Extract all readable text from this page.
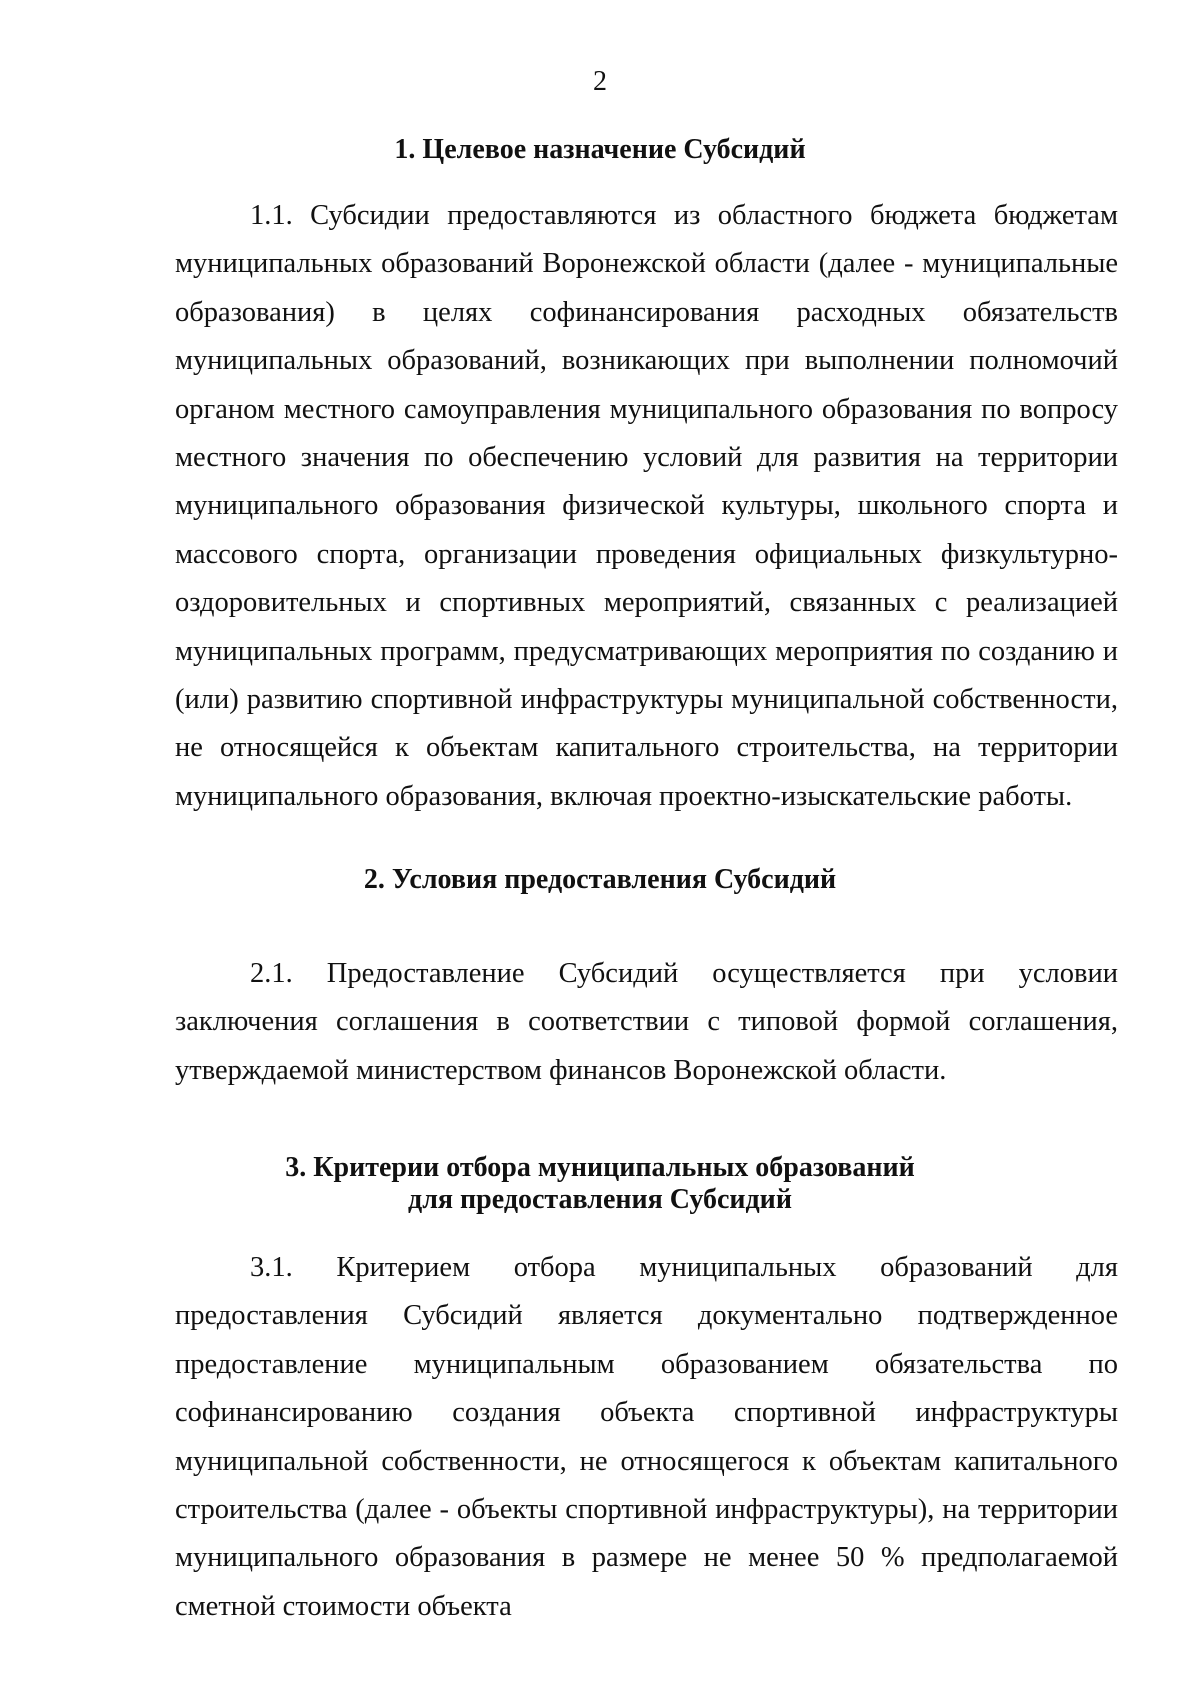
2
1. Целевое назначение Субсидий

1.1. Субсидии предоставляются из областного бюджета бюджетам муниципальных образований Воронежской области (далее - муниципальные образования) в целях софинансирования расходных обязательств муниципальных образований, возникающих при выполнении полномочий органом местного самоуправления муниципального образования по вопросу местного значения по обеспечению условий для развития на территории муниципального образования физической культуры, школьного спорта и массового спорта, организации проведения официальных физкультурно-оздоровительных и спортивных мероприятий, связанных с реализацией муниципальных программ, предусматривающих мероприятия по созданию и (или) развитию спортивной инфраструктуры муниципальной собственности, не относящейся к объектам капитального строительства, на территории муниципального образования, включая проектно-изыскательские работы.

2. Условия предоставления Субсидий

2.1. Предоставление Субсидий осуществляется при условии заключения соглашения в соответствии с типовой формой соглашения, утверждаемой министерством финансов Воронежской области.

3. Критерии отбора муниципальных образований
для предоставления Субсидий

3.1. Критерием отбора муниципальных образований для предоставления Субсидий является документально подтвержденное предоставление муниципальным образованием обязательства по софинансированию создания объекта спортивной инфраструктуры муниципальной собственности, не относящегося к объектам капитального строительства (далее - объекты спортивной инфраструктуры), на территории муниципального образования в размере не менее 50 % предполагаемой сметной стоимости объекта
